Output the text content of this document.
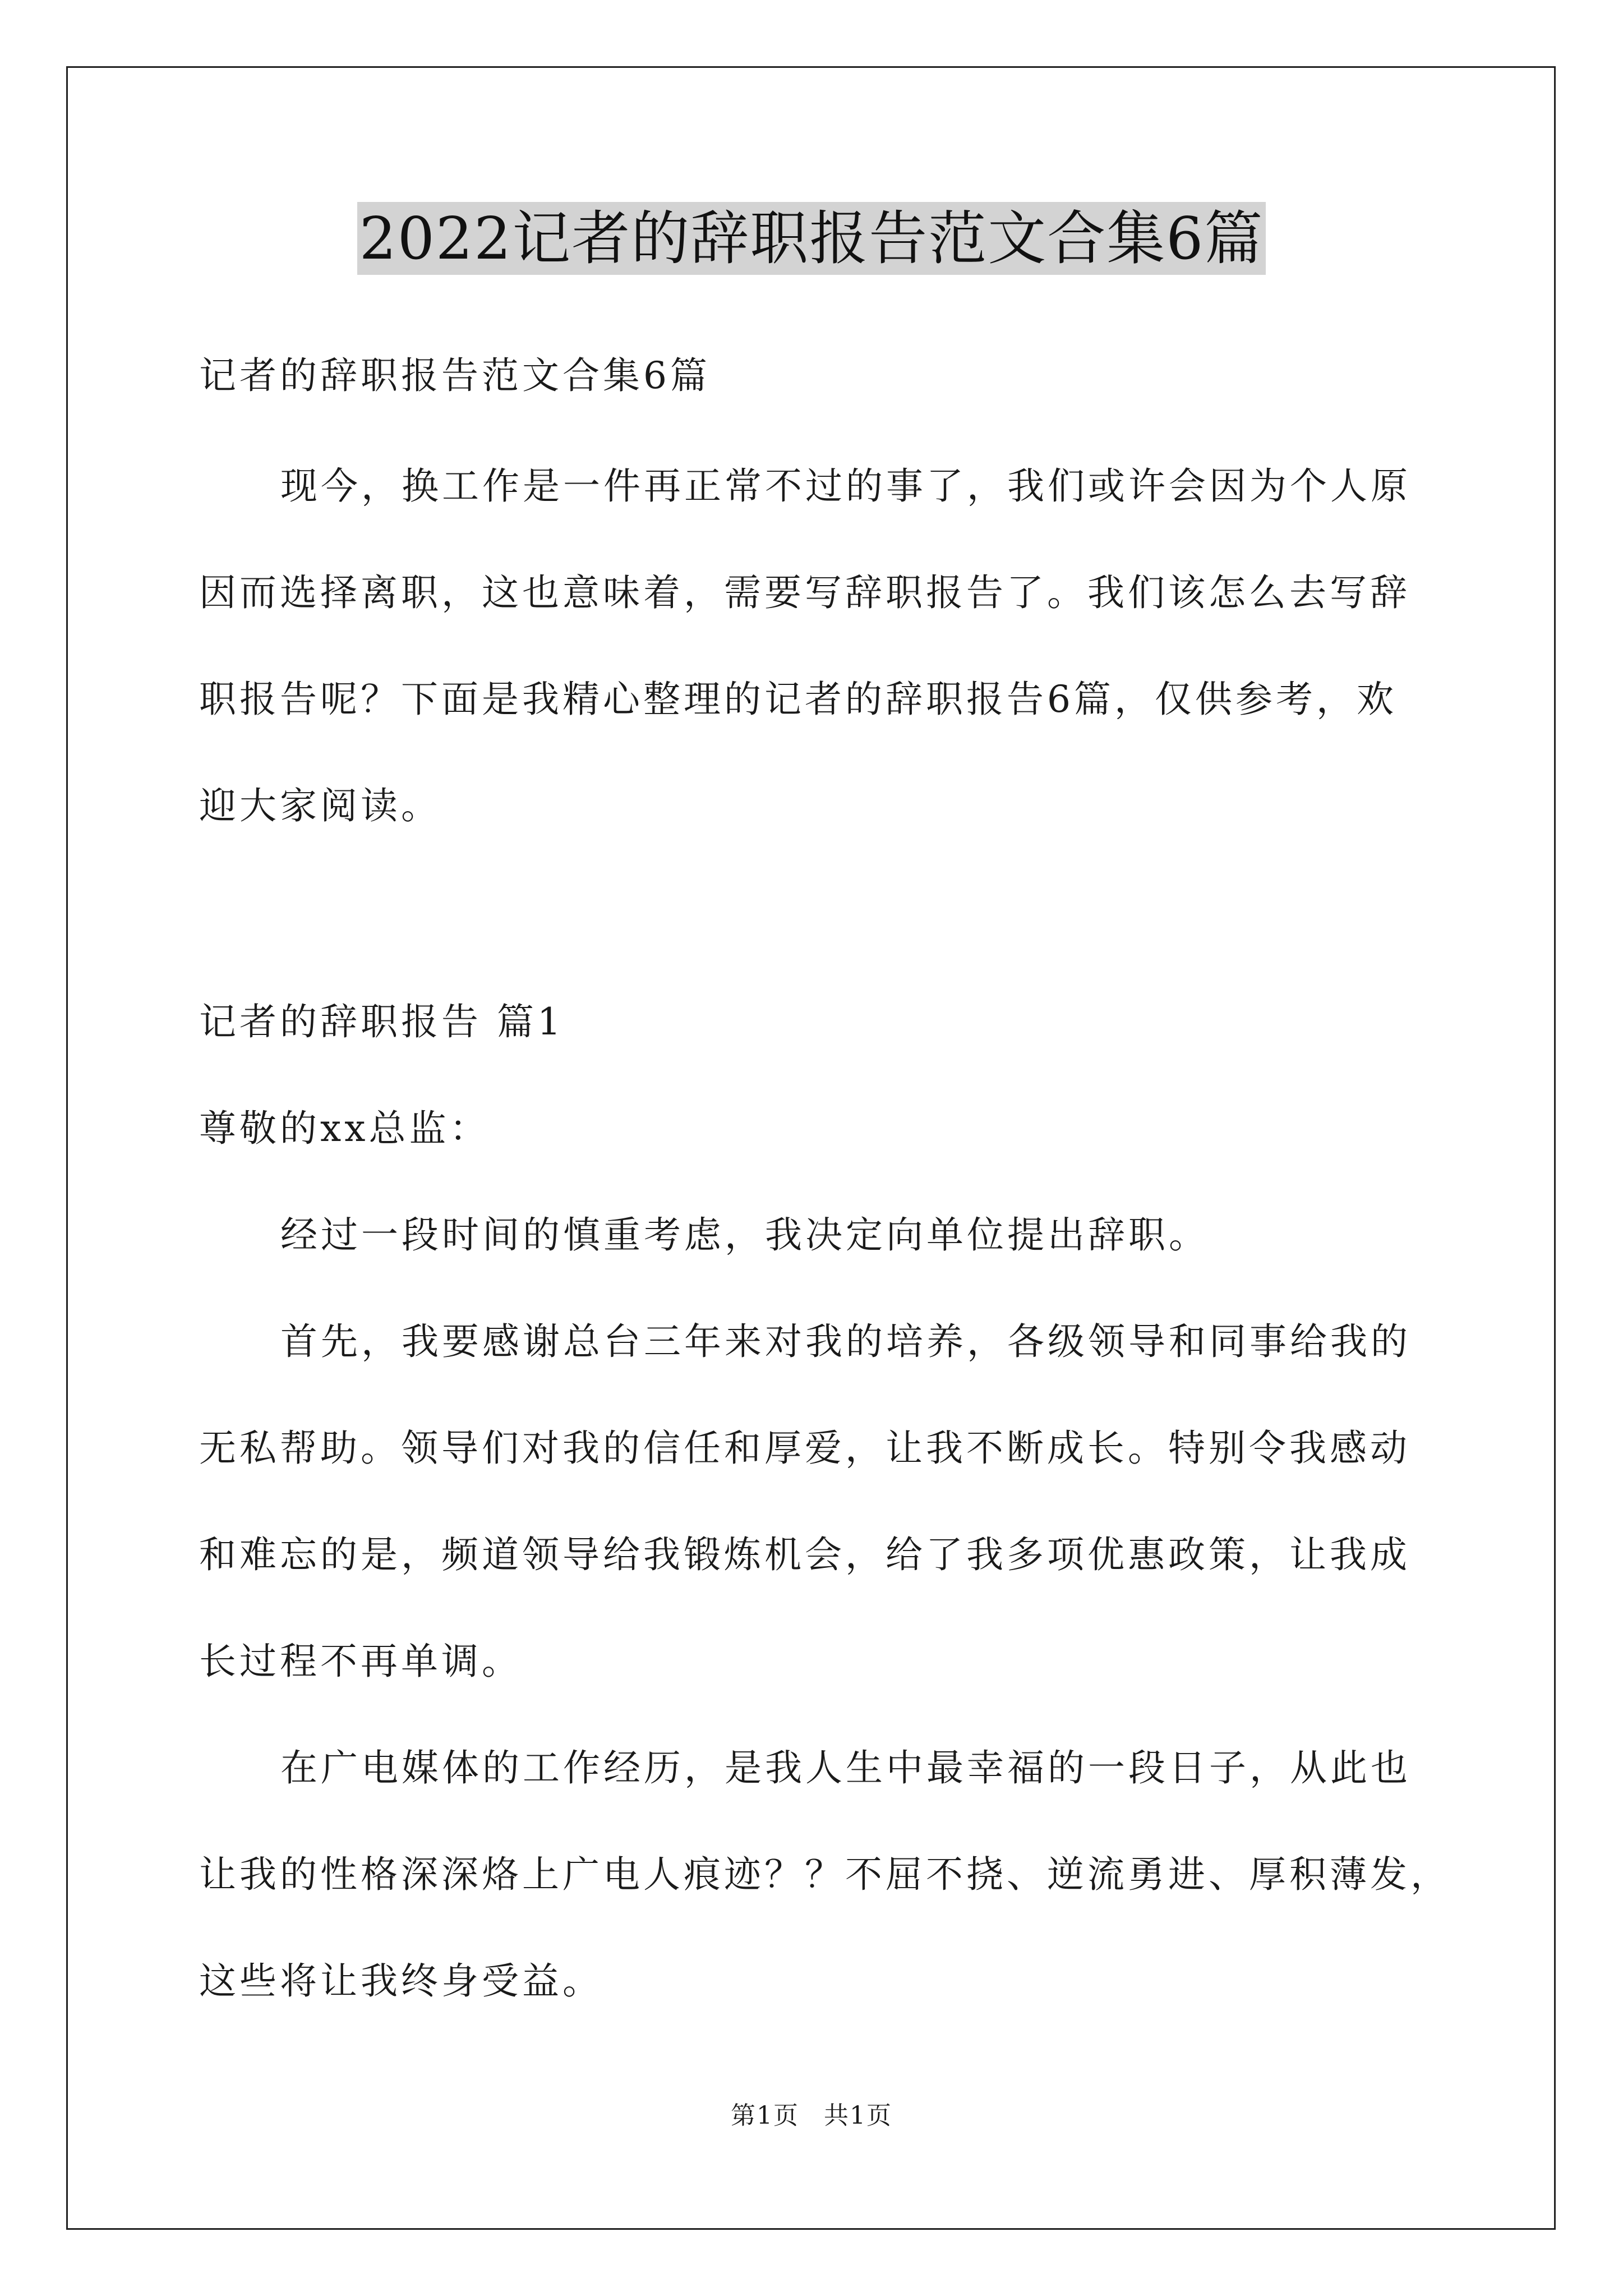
2022记者的辞职报告范文合集6篇
记者的辞职报告范文合集6篇
现今，换工作是一件再正常不过的事了，我们或许会因为个人原
因而选择离职，这也意味着，需要写辞职报告了。我们该怎么去写辞
职报告呢？下面是我精心整理的记者的辞职报告6篇，仅供参考，欢
迎大家阅读。
记者的辞职报告 篇1
尊敬的xx总监：
经过一段时间的慎重考虑，我决定向单位提出辞职。
首先，我要感谢总台三年来对我的培养，各级领导和同事给我的
无私帮助。领导们对我的信任和厚爱，让我不断成长。特别令我感动
和难忘的是，频道领导给我锻炼机会，给了我多项优惠政策，让我成
长过程不再单调。
在广电媒体的工作经历，是我人生中最幸福的一段日子，从此也
让我的性格深深烙上广电人痕迹？？不屈不挠、逆流勇进、厚积薄发，
这些将让我终身受益。
第1页 共1页
